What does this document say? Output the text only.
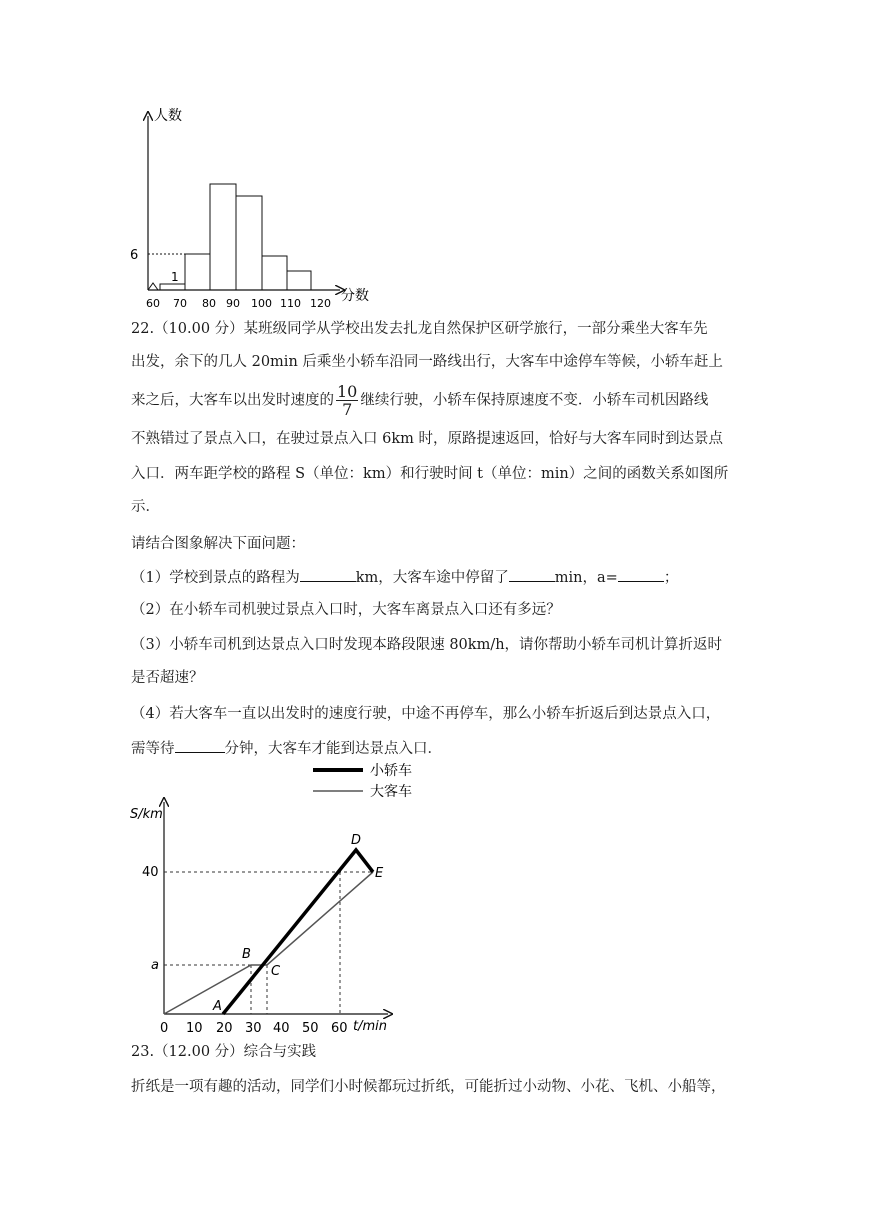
人数
分数
6
1
60 70 80 90 100 110 120
22.（10.00 分）某班级同学从学校出发去扎龙自然保护区研学旅行，一部分乘坐大客车先
出发，余下的几人 20min 后乘坐小轿车沿同一路线出行，大客车中途停车等候，小轿车赶上
来之后，大客车以出发时速度的 $\frac{10}{7}$ 继续行驶，小轿车保持原速度不变．小轿车司机因路线
不熟错过了景点入口，在驶过景点入口 6km 时，原路提速返回，恰好与大客车同时到达景点
入口．两车距学校的路程 S（单位：km）和行驶时间 t（单位：min）之间的函数关系如图所
示．
请结合图象解决下面问题：
（1）学校到景点的路程为	km，大客车途中停留了	min，a=	；
（2）在小轿车司机驶过景点入口时，大客车离景点入口还有多远？
（3）小轿车司机到达景点入口时发现本路段限速 80km/h，请你帮助小轿车司机计算折返时
是否超速？
（4）若大客车一直以出发时的速度行驶，中途不再停车，那么小轿车折返后到达景点入口，
需等待	分钟，大客车才能到达景点入口．
小轿车
大客车
S/km
t/min
40
a
A
B
C
D
E
0 10 20 30 40 50 60
23.（12.00 分）综合与实践
折纸是一项有趣的活动，同学们小时候都玩过折纸，可能折过小动物、小花、飞机、小船等，
